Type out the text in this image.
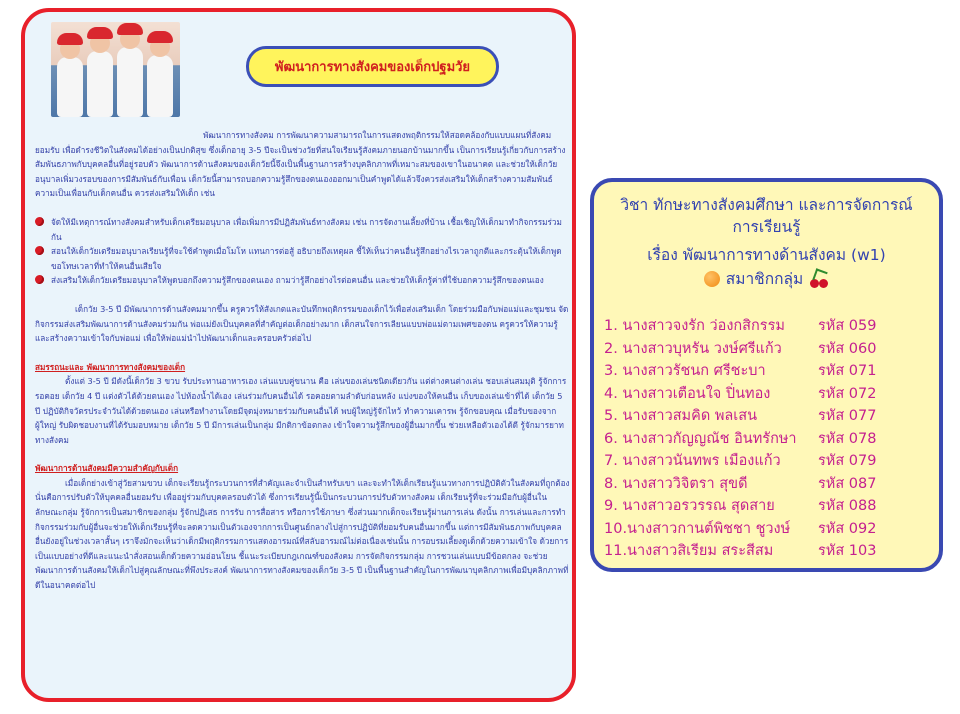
พัฒนาการทางสังคมของเด็กปฐมวัย

พัฒนาการทางสังคม การพัฒนาความสามารถในการแสดงพฤติกรรมให้สอดคล้องกับแบบแผนที่สังคมยอมรับ เพื่อดำรงชีวิตในสังคมได้อย่างเป็นปกติสุข ซึ่งเด็กอายุ 3-5 ปีจะเป็นช่วงวัยที่สนใจเรียนรู้สังคมภายนอกบ้านมากขึ้น เป็นการเรียนรู้เกี่ยวกับการสร้างสัมพันธภาพกับบุคคลอื่นที่อยู่รอบตัว พัฒนาการด้านสังคมของเด็กวัยนี้จึงเป็นพื้นฐานการสร้างบุคลิกภาพที่เหมาะสมของเขาในอนาคต และช่วยให้เด็กวัยอนุบาลเพิ่มวงรอบของการมีสัมพันธ์กับเพื่อน เด็กวัยนี้สามารถบอกความรู้สึกของตนเองออกมาเป็นคำพูดได้แล้วจึงควรส่งเสริมให้เด็กสร้างความสัมพันธ์ความเป็นเพื่อนกับเด็กคนอื่น ควรส่งเสริมให้เด็ก เช่น

จัดให้มีเหตุการณ์ทางสังคมสำหรับเด็กเตรียมอนุบาล เพื่อเพิ่มการมีปฏิสัมพันธ์ทางสังคม เช่น การจัดงานเลี้ยงที่บ้าน เชื้อเชิญให้เด็กมาทำกิจกรรมร่วมกัน
สอนให้เด็กวัยเตรียมอนุบาลเรียนรู้ที่จะใช้คำพูดเมื่อโมโห แทนการต่อสู้ อธิบายถึงเหตุผล ชี้ให้เห็นว่าคนอื่นรู้สึกอย่างไรเวลาถูกตีและกระตุ้นให้เด็กพูดขอโทษเวลาที่ทำให้คนอื่นเสียใจ
ส่งเสริมให้เด็กวัยเตรียมอนุบาลให้พูดบอกถึงความรู้สึกของตนเอง ถามว่ารู้สึกอย่างไรต่อคนอื่น และช่วยให้เด็กรู้ค่าที่ใช้บอกความรู้สึกของตนเอง

เด็กวัย 3-5 ปี มีพัฒนาการด้านสังคมมากขึ้น ครูควรให้สังเกตและบันทึกพฤติกรรมของเด็กไว้เพื่อส่งเสริมเด็ก โดยร่วมมือกับพ่อแม่และชุมชน จัดกิจกรรมส่งเสริมพัฒนาการด้านสังคมร่วมกัน พ่อแม่ยังเป็นบุคคลที่สำคัญต่อเด็กอย่างมาก เด็กสนใจการเลียนแบบพ่อแม่ตามเพศของตน ครูควรให้ความรู้และสร้างความเข้าใจกับพ่อแม่ เพื่อให้พ่อแม่นำไปพัฒนาเด็กและครอบครัวต่อไป

สมรรถนะและ พัฒนาการทางสังคมของเด็ก

ตั้งแต่ 3-5 ปี มีดังนี้เด็กวัย 3 ขวบ รับประทานอาหารเอง เล่นแบบคู่ขนาน คือ เล่นของเล่นชนิดเดียวกัน แต่ต่างคนต่างเล่น ชอบเล่นสมมุติ รู้จักการรอคอย เด็กวัย 4 ปี แต่งตัวได้ด้วยตนเอง ไปห้องน้ำได้เอง เล่นร่วมกับคนอื่นได้ รอคอยตามลำดับก่อนหลัง แบ่งของให้คนอื่น เก็บของเล่นเข้าที่ได้ เด็กวัย 5 ปี ปฏิบัติกิจวัตรประจำวันได้ด้วยตนเอง เล่นหรือทำงานโดยมีจุดมุ่งหมายร่วมกับคนอื่นได้ พบผู้ใหญ่รู้จักไหว้ ทำความเคารพ รู้จักขอบคุณ เมื่อรับของจากผู้ใหญ่ รับผิดชอบงานที่ได้รับมอบหมาย เด็กวัย 5 ปี มีการเล่นเป็นกลุ่ม มีกติกาข้อตกลง เข้าใจความรู้สึกของผู้อื่นมากขึ้น ช่วยเหลือตัวเองได้ดี รู้จักมารยาททางสังคม

พัฒนาการด้านสังคมมีความสำคัญกับเด็ก

เมื่อเด็กย่างเข้าสู่วัยสามขวบ เด็กจะเรียนรู้กระบวนการที่สำคัญและจำเป็นสำหรับเขา และจะทำให้เด็กเรียนรู้แนวทางการปฏิบัติตัวในสังคมที่ถูกต้อง นั่นคือการปรับตัวให้บุคคลอื่นยอมรับ เพื่ออยู่ร่วมกับบุคคลรอบตัวได้ ซึ่งการเรียนรู้นี้เป็นกระบวนการปรับตัวทางสังคม เด็กเรียนรู้ที่จะร่วมมือกับผู้อื่นในลักษณะกลุ่ม รู้จักการเป็นสมาชิกของกลุ่ม รู้จักปฏิเสธ การรับ การสื่อสาร หรือการใช้ภาษา ซึ่งส่วนมากเด็กจะเรียนรู้ผ่านการเล่น ดังนั้น การเล่นและการทำกิจกรรมร่วมกับผู้อื่นจะช่วยให้เด็กเรียนรู้ที่จะลดความเป็นตัวเองจากการเป็นศูนย์กลางไปสู่การปฏิบัติที่ยอมรับคนอื่นมากขึ้น แต่การมีสัมพันธภาพกับบุคคลอื่นยังอยู่ในช่วงเวลาสั้นๆ เราจึงมักจะเห็นว่าเด็กมีพฤติกรรมการแสดงอารมณ์ที่สลับอารมณ์ไม่ต่อเนื่องเช่นนั้น การอบรมเลี้ยงดูเด็กด้วยความเข้าใจ ด้วยการเป็นแบบอย่างที่ดีและแนะนำสั่งสอนเด็กด้วยความอ่อนโยน ชี้แนะระเบียบกฎเกณฑ์ของสังคม การจัดกิจกรรมกลุ่ม การชวนเล่นแบบมีข้อตกลง จะช่วยพัฒนาการด้านสังคมให้เด็กไปสู่คุณลักษณะที่พึงประสงค์ พัฒนาการทางสังคมของเด็กวัย 3-5 ปี เป็นพื้นฐานสำคัญในการพัฒนาบุคลิกภาพเพื่อมีบุคลิกภาพที่ดีในอนาคตต่อไป

วิชา ทักษะทางสังคมศึกษา และการจัดการณ์
การเรียนรู้
เรื่อง พัฒนาการทางด้านสังคม (w1)
สมาชิกกลุ่ม
1. นางสาวจงรัก ว่องกสิกรรม	รหัส 059
2. นางสาวบุหรัน วงษ์ศรีแก้ว	รหัส 060
3. นางสาวรัชนก ศรีชะบา	รหัส 071
4. นางสาวเตือนใจ ปิ่นทอง	รหัส 072
5. นางสาวสมคิด พลเสน	รหัส 077
6. นางสาวกัญญณัช อินทรักษา	รหัส 078
7. นางสาวนันทพร เมืองแก้ว	รหัส 079
8. นางสาววิจิตรา สุขดี	รหัส 087
9. นางสาวอรวรรณ สุดสาย	รหัส 088
10.นางสาวกานต์พิชชา ชูวงษ์	รหัส 092
11.นางสาวสิเรียม สระสีสม	รหัส 103
